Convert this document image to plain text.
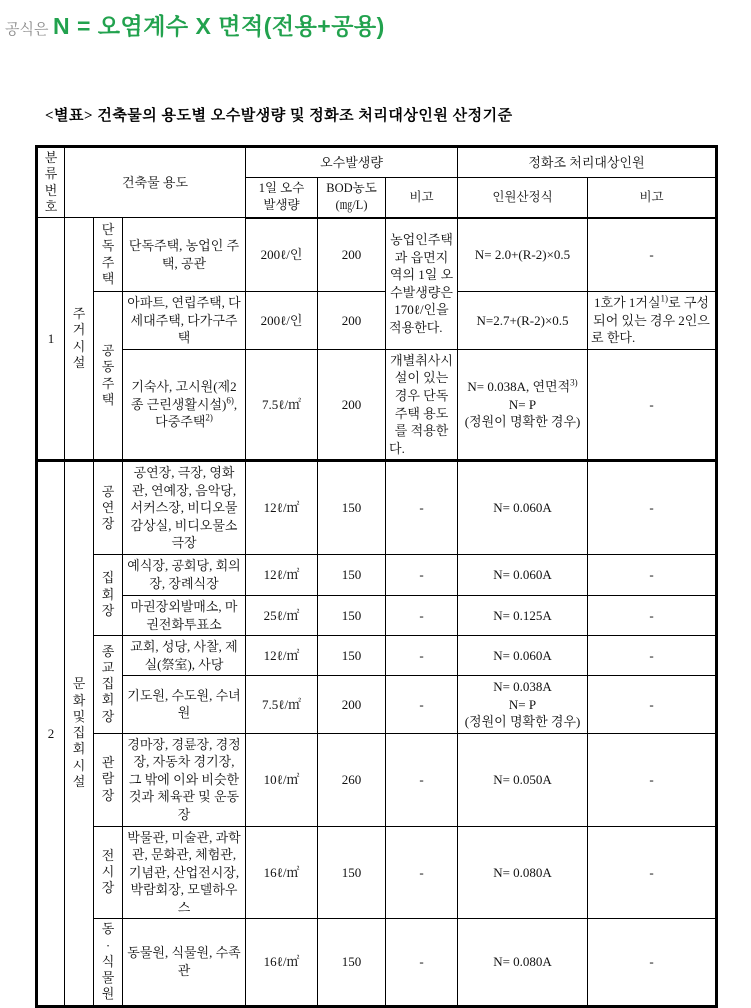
공식은 N = 오염계수 X 면적(전용+공용)
<별표> 건축물의 용도별 오수발생량 및 정화조 처리대상인원 산정기준
분류번호	건축물 용도			오수발생량			정화조 처리대상인원	
				1일 오수
발생량	BOD농도
(㎎/L)	비고	인원산정식	비고
1	주거시설	단독주택	단독주택, 농업인 주택, 공관	200ℓ/인	200	농업인주택과 읍면지역의 1일 오수발생량은 170ℓ/인을 적용한다.	N= 2.0+(R-2)×0.5	-
		공동주택	아파트, 연립주택, 다세대주택, 다가구주택	200ℓ/인	200		N=2.7+(R-2)×0.5	1호가 1거실$^{1)}$로 구성되어 있는 경우 2인으로 한다.
			기숙사, 고시원(제2종 근린생활시설)$^{6)}$,
다중주택$^{2)}$	7.5ℓ/㎡	200	개별취사시설이 있는 경우 단독주택 용도를 적용한다.	N= 0.038A, 연면적$^{3)}$
N= P
(정원이 명확한 경우)	-
2	문화및집회시설	공연장	공연장, 극장, 영화관, 연예장, 음악당, 서커스장, 비디오물감상실, 비디오물소극장	12ℓ/㎡	150	-	N= 0.060A	-
		집회장	예식장, 공회당, 회의장, 장례식장	12ℓ/㎡	150	-	N= 0.060A	-
			마권장외발매소, 마권전화투표소	25ℓ/㎡	150	-	N= 0.125A	-
		종교집회장	교회, 성당, 사찰, 제실(祭室), 사당	12ℓ/㎡	150	-	N= 0.060A	-
			기도원, 수도원, 수녀원	7.5ℓ/㎡	200	-	N= 0.038A
N= P
(정원이 명확한 경우)	-
		관람장	경마장, 경륜장, 경정장, 자동차 경기장, 그 밖에 이와 비슷한 것과 체육관 및 운동장	10ℓ/㎡	260	-	N= 0.050A	-
		전시장	박물관, 미술관, 과학관, 문화관, 체험관, 기념관, 산업전시장, 박람회장, 모델하우스	16ℓ/㎡	150	-	N= 0.080A	-
		동·식물원	동물원, 식물원, 수족관	16ℓ/㎡	150	-	N= 0.080A	-
